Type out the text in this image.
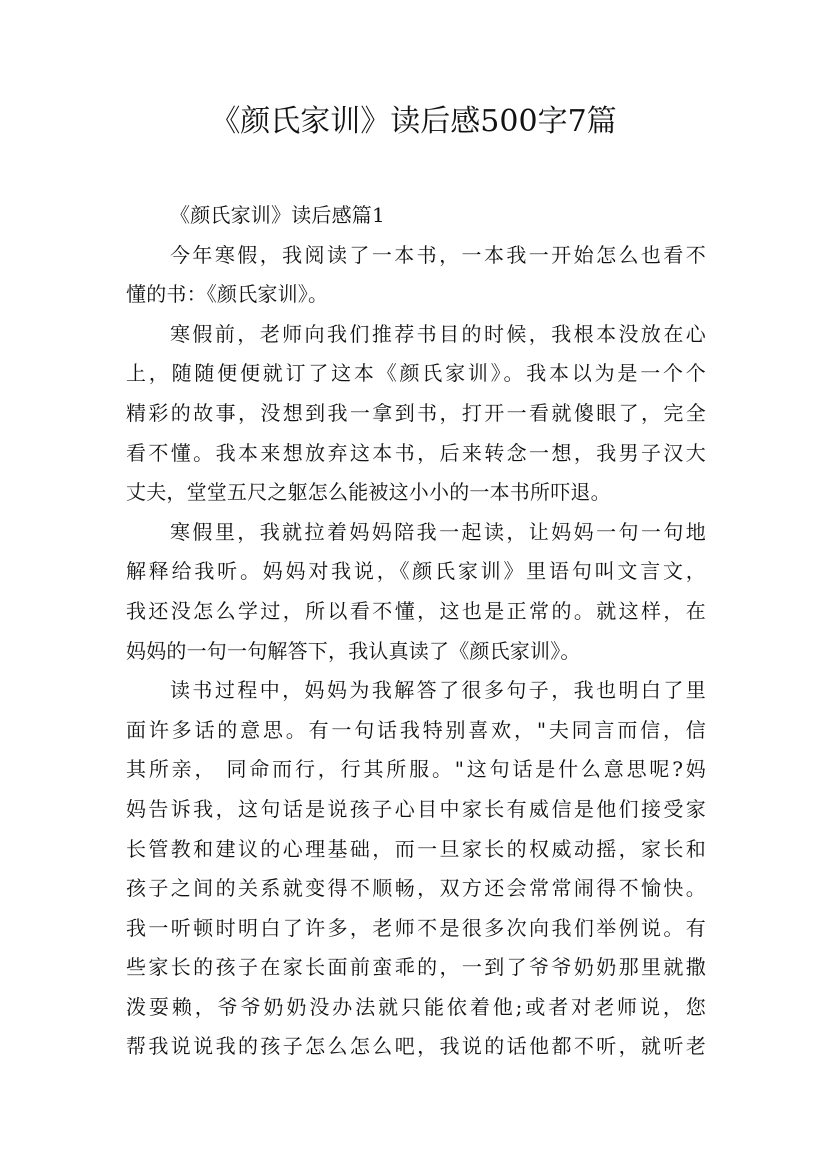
《颜氏家训》读后感500字7篇
《颜氏家训》读后感篇1
今年寒假，我阅读了一本书，一本我一开始怎么也看不
懂的书：《颜氏家训》。
寒假前，老师向我们推荐书目的时候，我根本没放在心
上，随随便便就订了这本《颜氏家训》。我本以为是一个个
精彩的故事，没想到我一拿到书，打开一看就傻眼了，完全
看不懂。我本来想放弃这本书，后来转念一想，我男子汉大
丈夫，堂堂五尺之躯怎么能被这小小的一本书所吓退。
寒假里，我就拉着妈妈陪我一起读，让妈妈一句一句地
解释给我听。妈妈对我说，《颜氏家训》里语句叫文言文，
我还没怎么学过，所以看不懂，这也是正常的。就这样，在
妈妈的一句一句解答下，我认真读了《颜氏家训》。
读书过程中，妈妈为我解答了很多句子，我也明白了里
面许多话的意思。有一句话我特别喜欢，"夫同言而信，信
其所亲， 同命而行，行其所服。"这句话是什么意思呢?妈
妈告诉我，这句话是说孩子心目中家长有威信是他们接受家
长管教和建议的心理基础，而一旦家长的权威动摇，家长和
孩子之间的关系就变得不顺畅，双方还会常常闹得不愉快。
我一听顿时明白了许多，老师不是很多次向我们举例说。有
些家长的孩子在家长面前蛮乖的，一到了爷爷奶奶那里就撒
泼耍赖，爷爷奶奶没办法就只能依着他;或者对老师说，您
帮我说说我的孩子怎么怎么吧，我说的话他都不听，就听老
